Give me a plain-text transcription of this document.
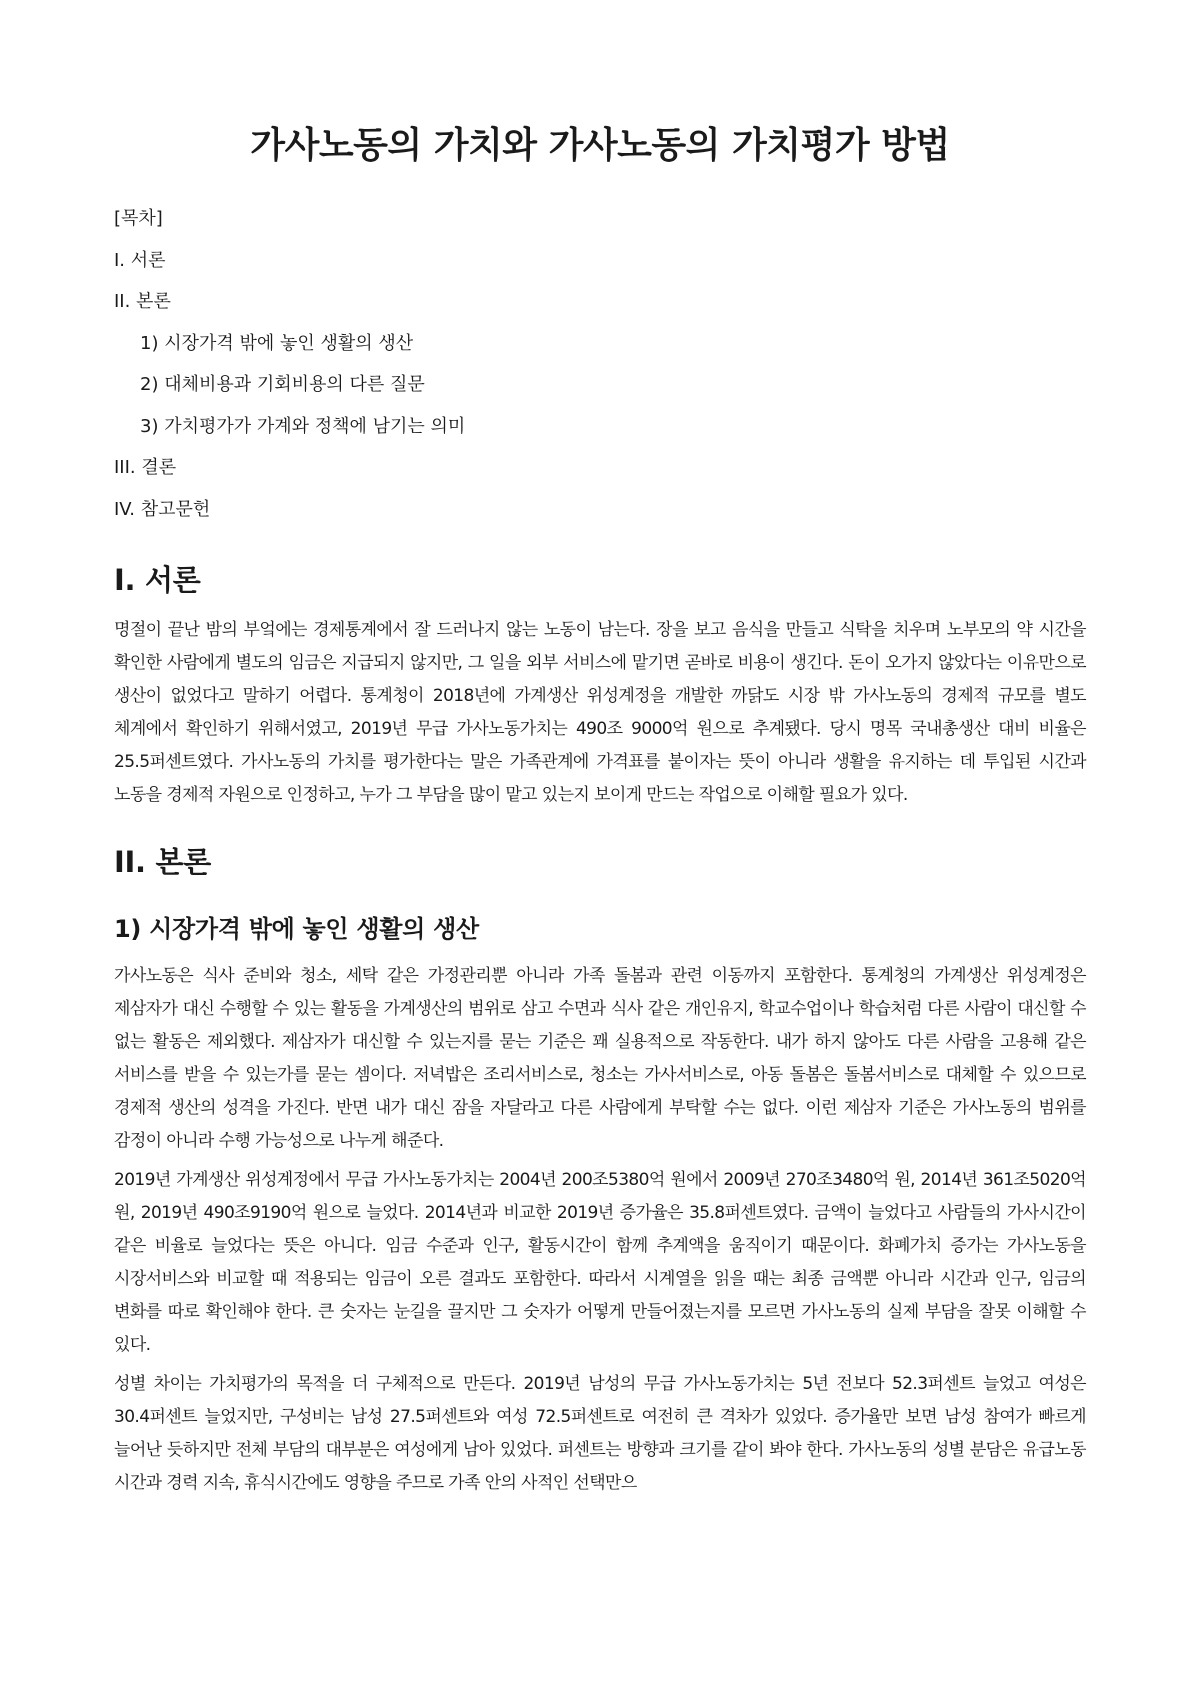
가사노동의 가치와 가사노동의 가치평가 방법

[목차]

I. 서론

II. 본론

1) 시장가격 밖에 놓인 생활의 생산

2) 대체비용과 기회비용의 다른 질문

3) 가치평가가 가계와 정책에 남기는 의미

III. 결론

IV. 참고문헌

I. 서론

명절이 끝난 밤의 부엌에는 경제통계에서 잘 드러나지 않는 노동이 남는다. 장을 보고 음식을 만들고 식탁을 치우며 노부모의 약 시간을 확인한 사람에게 별도의 임금은 지급되지 않지만, 그 일을 외부 서비스에 맡기면 곧바로 비용이 생긴다. 돈이 오가지 않았다는 이유만으로 생산이 없었다고 말하기 어렵다. 통계청이 2018년에 가계생산 위성계정을 개발한 까닭도 시장 밖 가사노동의 경제적 규모를 별도 체계에서 확인하기 위해서였고, 2019년 무급 가사노동가치는 490조 9000억 원으로 추계됐다. 당시 명목 국내총생산 대비 비율은 25.5퍼센트였다. 가사노동의 가치를 평가한다는 말은 가족관계에 가격표를 붙이자는 뜻이 아니라 생활을 유지하는 데 투입된 시간과 노동을 경제적 자원으로 인정하고, 누가 그 부담을 많이 맡고 있는지 보이게 만드는 작업으로 이해할 필요가 있다.

II. 본론
1) 시장가격 밖에 놓인 생활의 생산

가사노동은 식사 준비와 청소, 세탁 같은 가정관리뿐 아니라 가족 돌봄과 관련 이동까지 포함한다. 통계청의 가계생산 위성계정은 제삼자가 대신 수행할 수 있는 활동을 가계생산의 범위로 삼고 수면과 식사 같은 개인유지, 학교수업이나 학습처럼 다른 사람이 대신할 수 없는 활동은 제외했다. 제삼자가 대신할 수 있는지를 묻는 기준은 꽤 실용적으로 작동한다. 내가 하지 않아도 다른 사람을 고용해 같은 서비스를 받을 수 있는가를 묻는 셈이다. 저녁밥은 조리서비스로, 청소는 가사서비스로, 아동 돌봄은 돌봄서비스로 대체할 수 있으므로 경제적 생산의 성격을 가진다. 반면 내가 대신 잠을 자달라고 다른 사람에게 부탁할 수는 없다. 이런 제삼자 기준은 가사노동의 범위를 감정이 아니라 수행 가능성으로 나누게 해준다.

2019년 가계생산 위성계정에서 무급 가사노동가치는 2004년 200조5380억 원에서 2009년 270조3480억 원, 2014년 361조5020억 원, 2019년 490조9190억 원으로 늘었다. 2014년과 비교한 2019년 증가율은 35.8퍼센트였다. 금액이 늘었다고 사람들의 가사시간이 같은 비율로 늘었다는 뜻은 아니다. 임금 수준과 인구, 활동시간이 함께 추계액을 움직이기 때문이다. 화폐가치 증가는 가사노동을 시장서비스와 비교할 때 적용되는 임금이 오른 결과도 포함한다. 따라서 시계열을 읽을 때는 최종 금액뿐 아니라 시간과 인구, 임금의 변화를 따로 확인해야 한다. 큰 숫자는 눈길을 끌지만 그 숫자가 어떻게 만들어졌는지를 모르면 가사노동의 실제 부담을 잘못 이해할 수 있다.

성별 차이는 가치평가의 목적을 더 구체적으로 만든다. 2019년 남성의 무급 가사노동가치는 5년 전보다 52.3퍼센트 늘었고 여성은 30.4퍼센트 늘었지만, 구성비는 남성 27.5퍼센트와 여성 72.5퍼센트로 여전히 큰 격차가 있었다. 증가율만 보면 남성 참여가 빠르게 늘어난 듯하지만 전체 부담의 대부분은 여성에게 남아 있었다. 퍼센트는 방향과 크기를 같이 봐야 한다. 가사노동의 성별 분담은 유급노동 시간과 경력 지속, 휴식시간에도 영향을 주므로 가족 안의 사적인 선택만으
